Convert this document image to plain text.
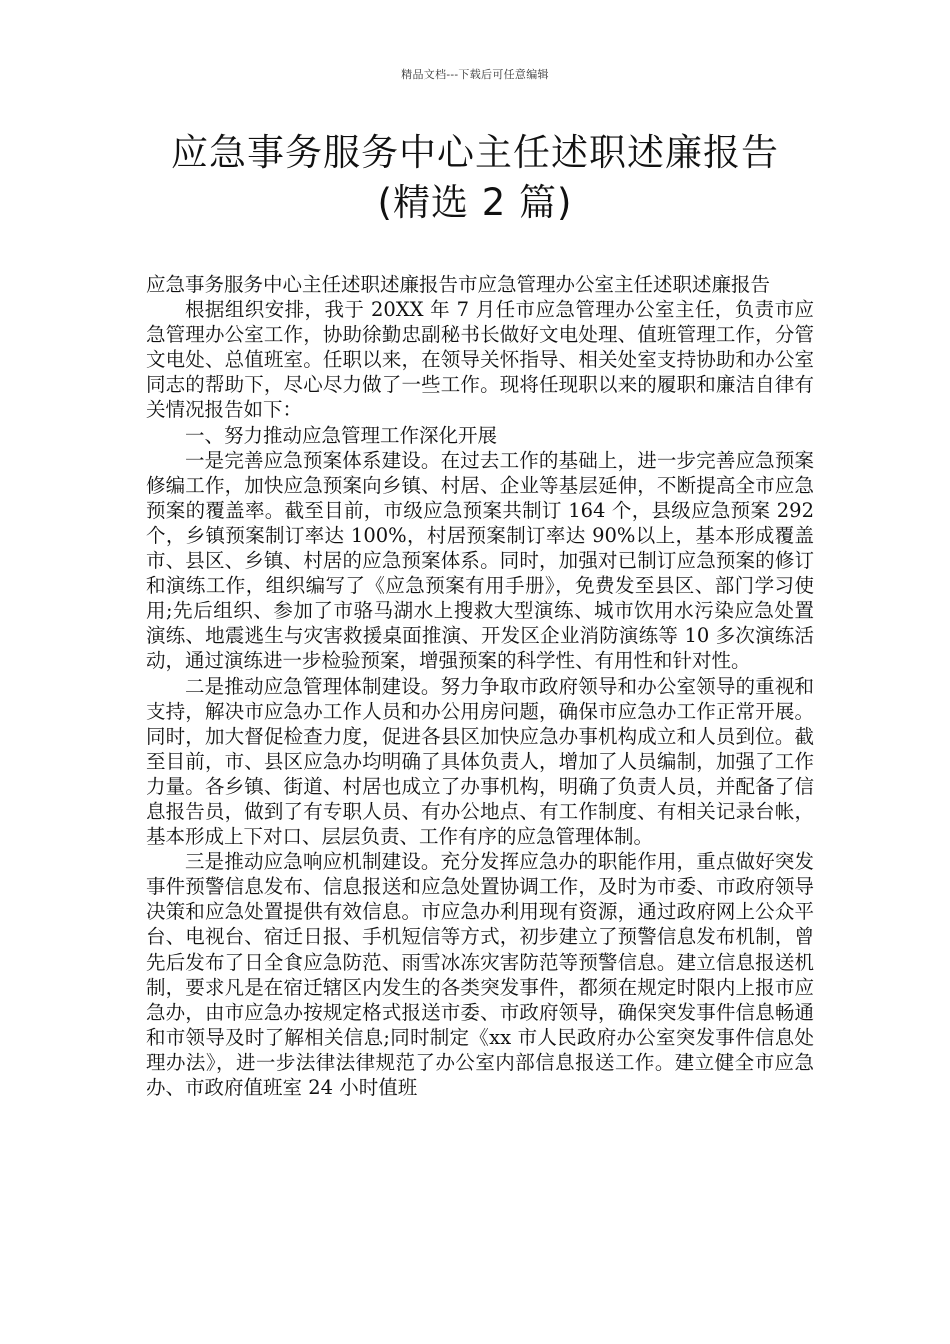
精品文档---下载后可任意编辑
应急事务服务中心主任述职述廉报告
(精选 2 篇)

应急事务服务中心主任述职述廉报告市应急管理办公室主任述职述廉报告

根据组织安排，我于 20XX 年 7 月任市应急管理办公室主任，负责市应急管理办公室工作，协助徐勤忠副秘书长做好文电处理、值班管理工作，分管文电处、总值班室。任职以来，在领导关怀指导、相关处室支持协助和办公室同志的帮助下，尽心尽力做了一些工作。现将任现职以来的履职和廉洁自律有关情况报告如下：

一、努力推动应急管理工作深化开展

一是完善应急预案体系建设。在过去工作的基础上，进一步完善应急预案修编工作，加快应急预案向乡镇、村居、企业等基层延伸，不断提高全市应急预案的覆盖率。截至目前，市级应急预案共制订 164 个，县级应急预案 292 个，乡镇预案制订率达 100%，村居预案制订率达 90%以上，基本形成覆盖市、县区、乡镇、村居的应急预案体系。同时，加强对已制订应急预案的修订和演练工作，组织编写了《应急预案有用手册》，免费发至县区、部门学习使用;先后组织、参加了市骆马湖水上搜救大型演练、城市饮用水污染应急处置演练、地震逃生与灾害救援桌面推演、开发区企业消防演练等 10 多次演练活动，通过演练进一步检验预案，增强预案的科学性、有用性和针对性。

二是推动应急管理体制建设。努力争取市政府领导和办公室领导的重视和支持，解决市应急办工作人员和办公用房问题，确保市应急办工作正常开展。同时，加大督促检查力度，促进各县区加快应急办事机构成立和人员到位。截至目前，市、县区应急办均明确了具体负责人，增加了人员编制，加强了工作力量。各乡镇、街道、村居也成立了办事机构，明确了负责人员，并配备了信息报告员，做到了有专职人员、有办公地点、有工作制度、有相关记录台帐，基本形成上下对口、层层负责、工作有序的应急管理体制。

三是推动应急响应机制建设。充分发挥应急办的职能作用，重点做好突发事件预警信息发布、信息报送和应急处置协调工作，及时为市委、市政府领导决策和应急处置提供有效信息。市应急办利用现有资源，通过政府网上公众平台、电视台、宿迁日报、手机短信等方式，初步建立了预警信息发布机制，曾先后发布了日全食应急防范、雨雪冰冻灾害防范等预警信息。建立信息报送机制，要求凡是在宿迁辖区内发生的各类突发事件，都须在规定时限内上报市应急办，由市应急办按规定格式报送市委、市政府领导，确保突发事件信息畅通和市领导及时了解相关信息;同时制定《xx 市人民政府办公室突发事件信息处理办法》，进一步法律法律规范了办公室内部信息报送工作。建立健全市应急办、市政府值班室 24 小时值班
